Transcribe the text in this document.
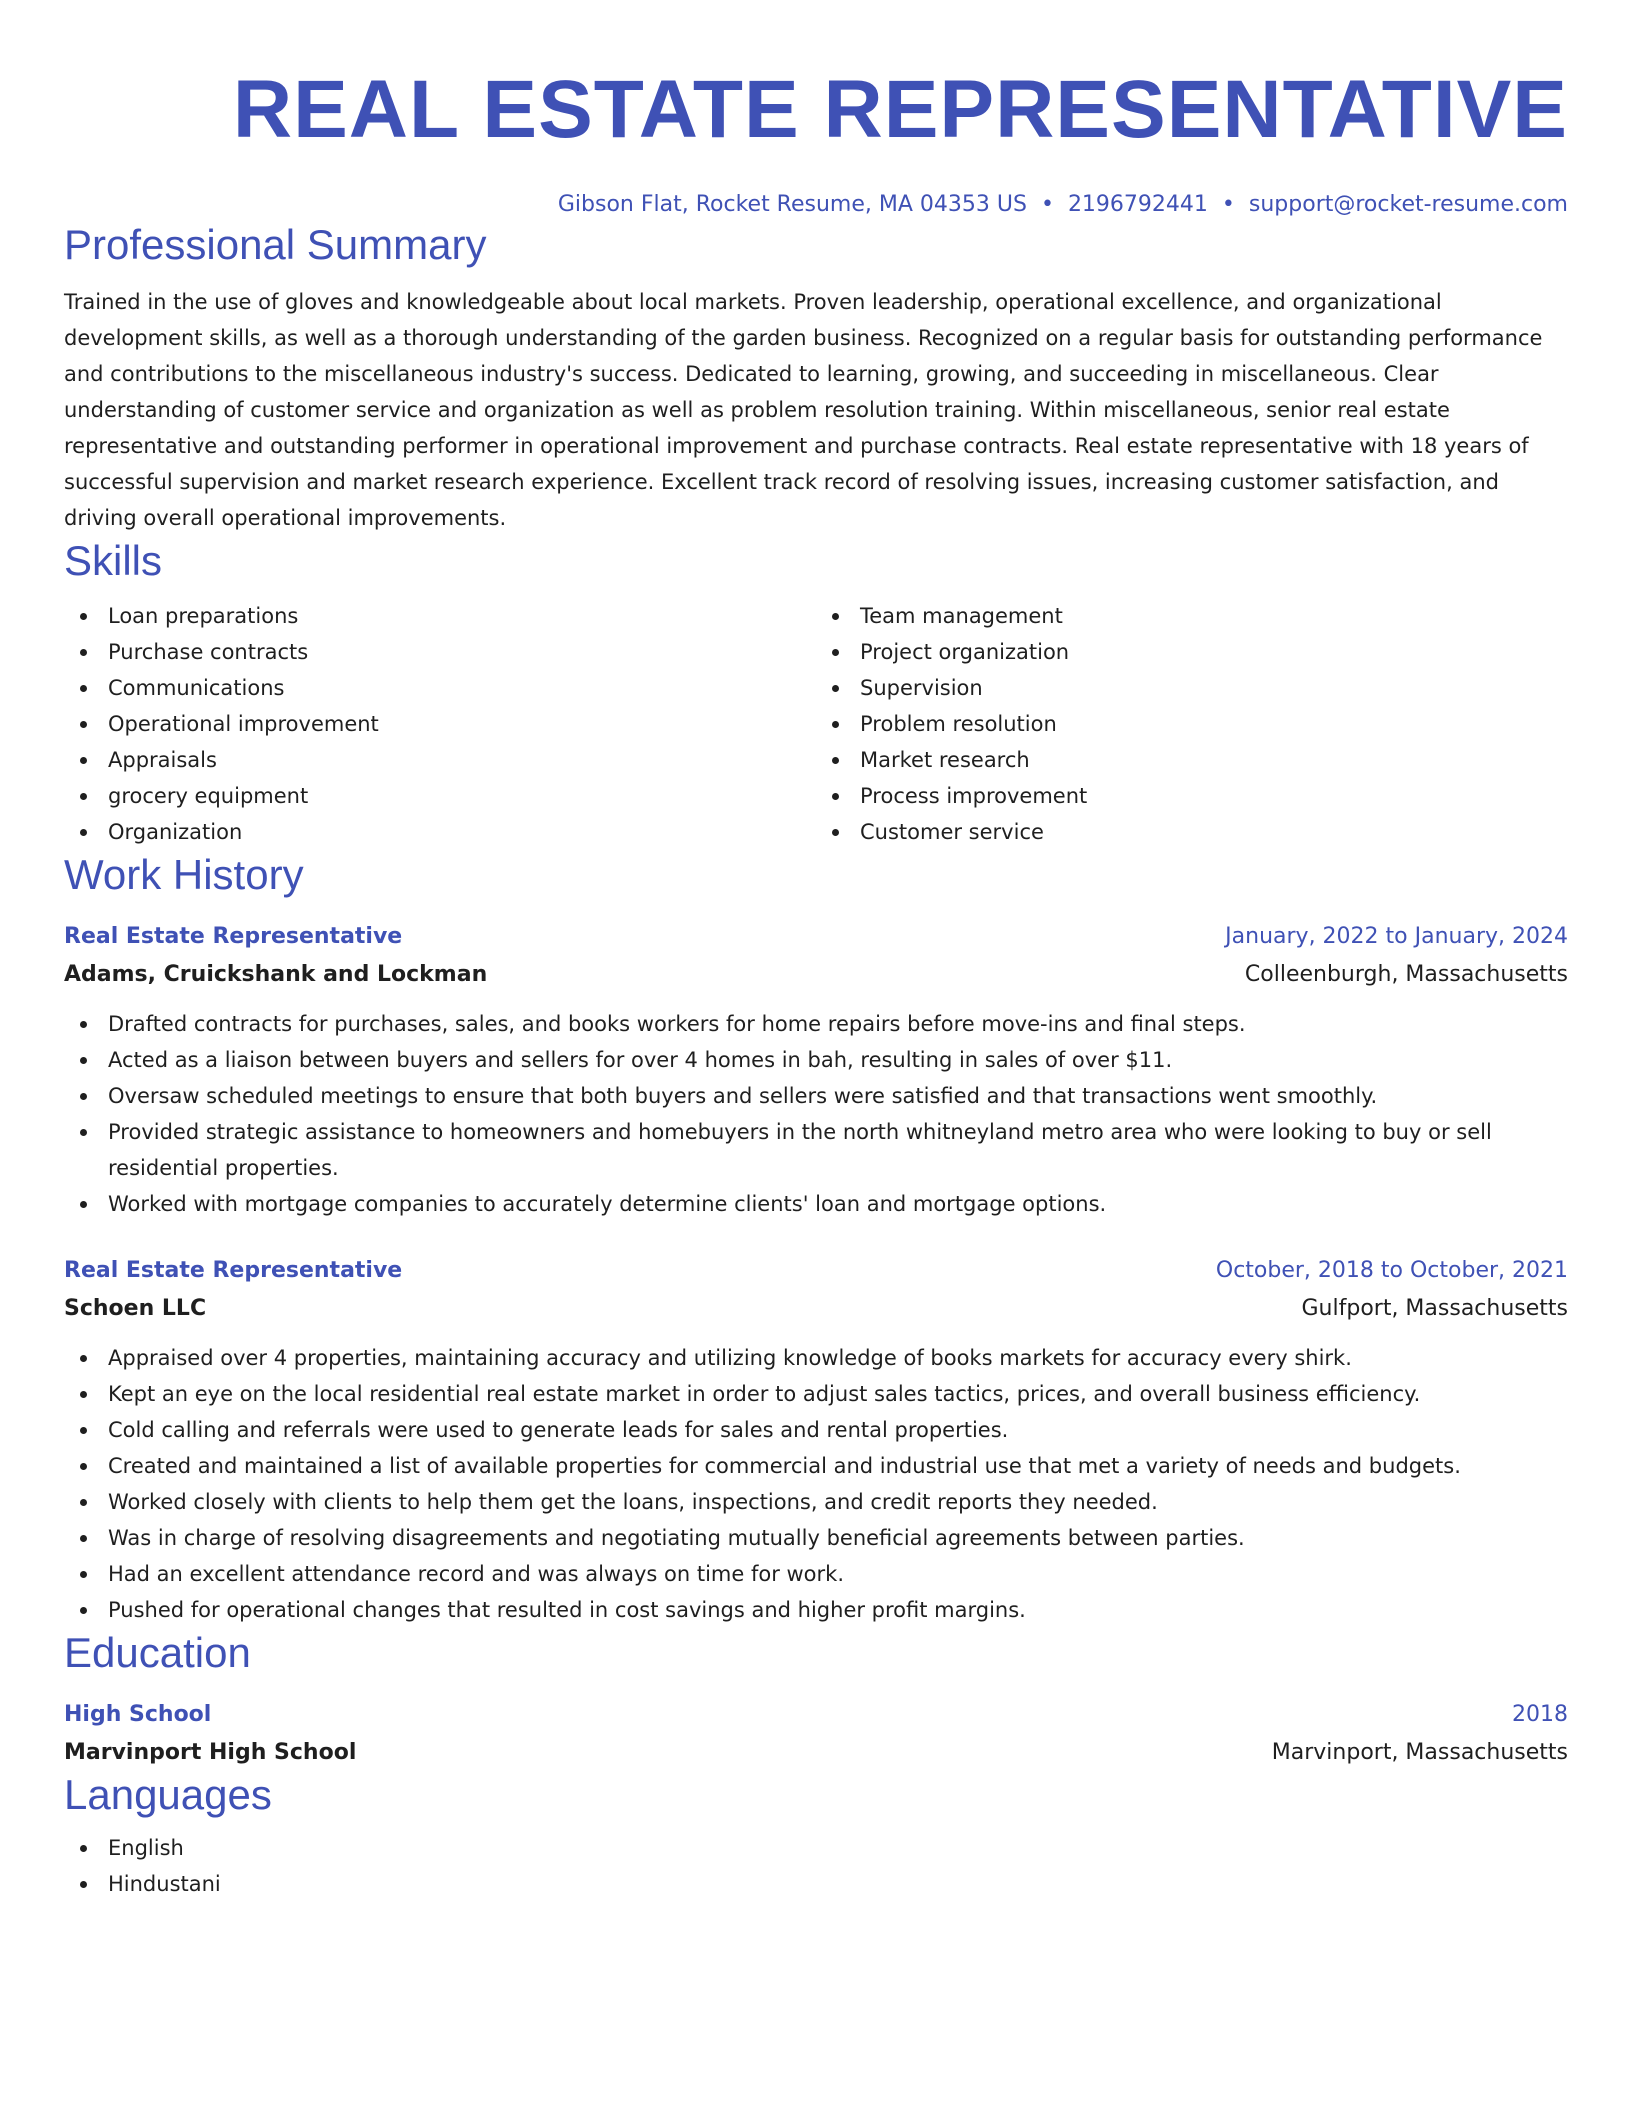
REAL ESTATE REPRESENTATIVE
Gibson Flat, Rocket Resume, MA 04353 US • 2196792441 • support@rocket-resume.com
Professional Summary
Trained in the use of gloves and knowledgeable about local markets. Proven leadership, operational excellence, and organizational development skills, as well as a thorough understanding of the garden business. Recognized on a regular basis for outstanding performance and contributions to the miscellaneous industry's success. Dedicated to learning, growing, and succeeding in miscellaneous. Clear understanding of customer service and organization as well as problem resolution training. Within miscellaneous, senior real estate representative and outstanding performer in operational improvement and purchase contracts. Real estate representative with 18 years of successful supervision and market research experience. Excellent track record of resolving issues, increasing customer satisfaction, and driving overall operational improvements.
Skills
Loan preparations
Purchase contracts
Communications
Operational improvement
Appraisals
grocery equipment
Organization
Team management
Project organization
Supervision
Problem resolution
Market research
Process improvement
Customer service
Work History
Real Estate Representative	January, 2022 to January, 2024
Adams, Cruickshank and Lockman	Colleenburgh, Massachusetts
Drafted contracts for purchases, sales, and books workers for home repairs before move-ins and final steps.
Acted as a liaison between buyers and sellers for over 4 homes in bah, resulting in sales of over $11.
Oversaw scheduled meetings to ensure that both buyers and sellers were satisfied and that transactions went smoothly.
Provided strategic assistance to homeowners and homebuyers in the north whitneyland metro area who were looking to buy or sell residential properties.
Worked with mortgage companies to accurately determine clients' loan and mortgage options.
Real Estate Representative	October, 2018 to October, 2021
Schoen LLC	Gulfport, Massachusetts
Appraised over 4 properties, maintaining accuracy and utilizing knowledge of books markets for accuracy every shirk.
Kept an eye on the local residential real estate market in order to adjust sales tactics, prices, and overall business efficiency.
Cold calling and referrals were used to generate leads for sales and rental properties.
Created and maintained a list of available properties for commercial and industrial use that met a variety of needs and budgets.
Worked closely with clients to help them get the loans, inspections, and credit reports they needed.
Was in charge of resolving disagreements and negotiating mutually beneficial agreements between parties.
Had an excellent attendance record and was always on time for work.
Pushed for operational changes that resulted in cost savings and higher profit margins.
Education
High School	2018
Marvinport High School	Marvinport, Massachusetts
Languages
English
Hindustani
